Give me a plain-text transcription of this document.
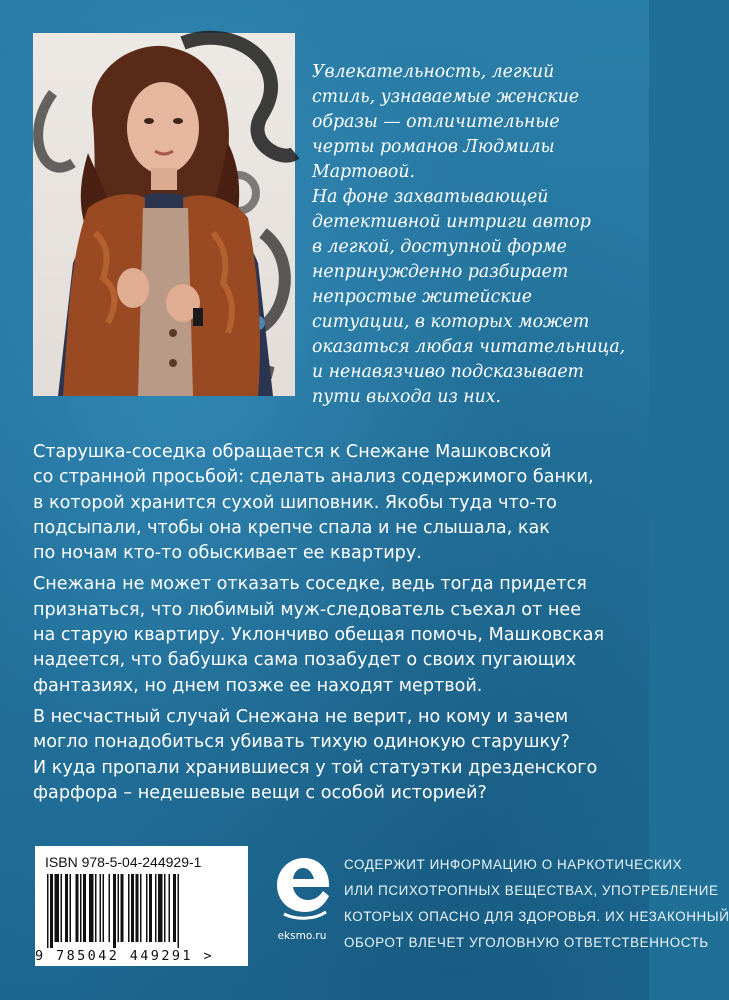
Увлекательность, легкий
стиль, узнаваемые женские
образы — отличительные
черты романов Людмилы
Мартовой.
На фоне захватывающей
детективной интриги автор
в легкой, доступной форме
непринужденно разбирает
непростые житейские
ситуации, в которых может
оказаться любая читательница,
и ненавязчиво подсказывает
пути выхода из них.

Старушка-соседка обращается к Снежане Машковской
со странной просьбой: сделать анализ содержимого банки,
в которой хранится сухой шиповник. Якобы туда что-то
подсыпали, чтобы она крепче спала и не слышала, как
по ночам кто-то обыскивает ее квартиру.

Снежана не может отказать соседке, ведь тогда придется
признаться, что любимый муж-следователь съехал от нее
на старую квартиру. Уклончиво обещая помочь, Машковская
надеется, что бабушка сама позабудет о своих пугающих
фантазиях, но днем позже ее находят мертвой.

В несчастный случай Снежана не верит, но кому и зачем
могло понадобиться убивать тихую одинокую старушку?
И куда пропали хранившиеся у той статуэтки дрезденского
фарфора – недешевые вещи с особой историей?

ISBN 978-5-04-244929-1
9 785042 449291 >
eksmo.ru
СОДЕРЖИТ ИНФОРМАЦИЮ О НАРКОТИЧЕСКИХ
ИЛИ ПСИХОТРОПНЫХ ВЕЩЕСТВАХ, УПОТРЕБЛЕНИЕ
КОТОРЫХ ОПАСНО ДЛЯ ЗДОРОВЬЯ. ИХ НЕЗАКОННЫЙ
ОБОРОТ ВЛЕЧЕТ УГОЛОВНУЮ ОТВЕТСТВЕННОСТЬ
